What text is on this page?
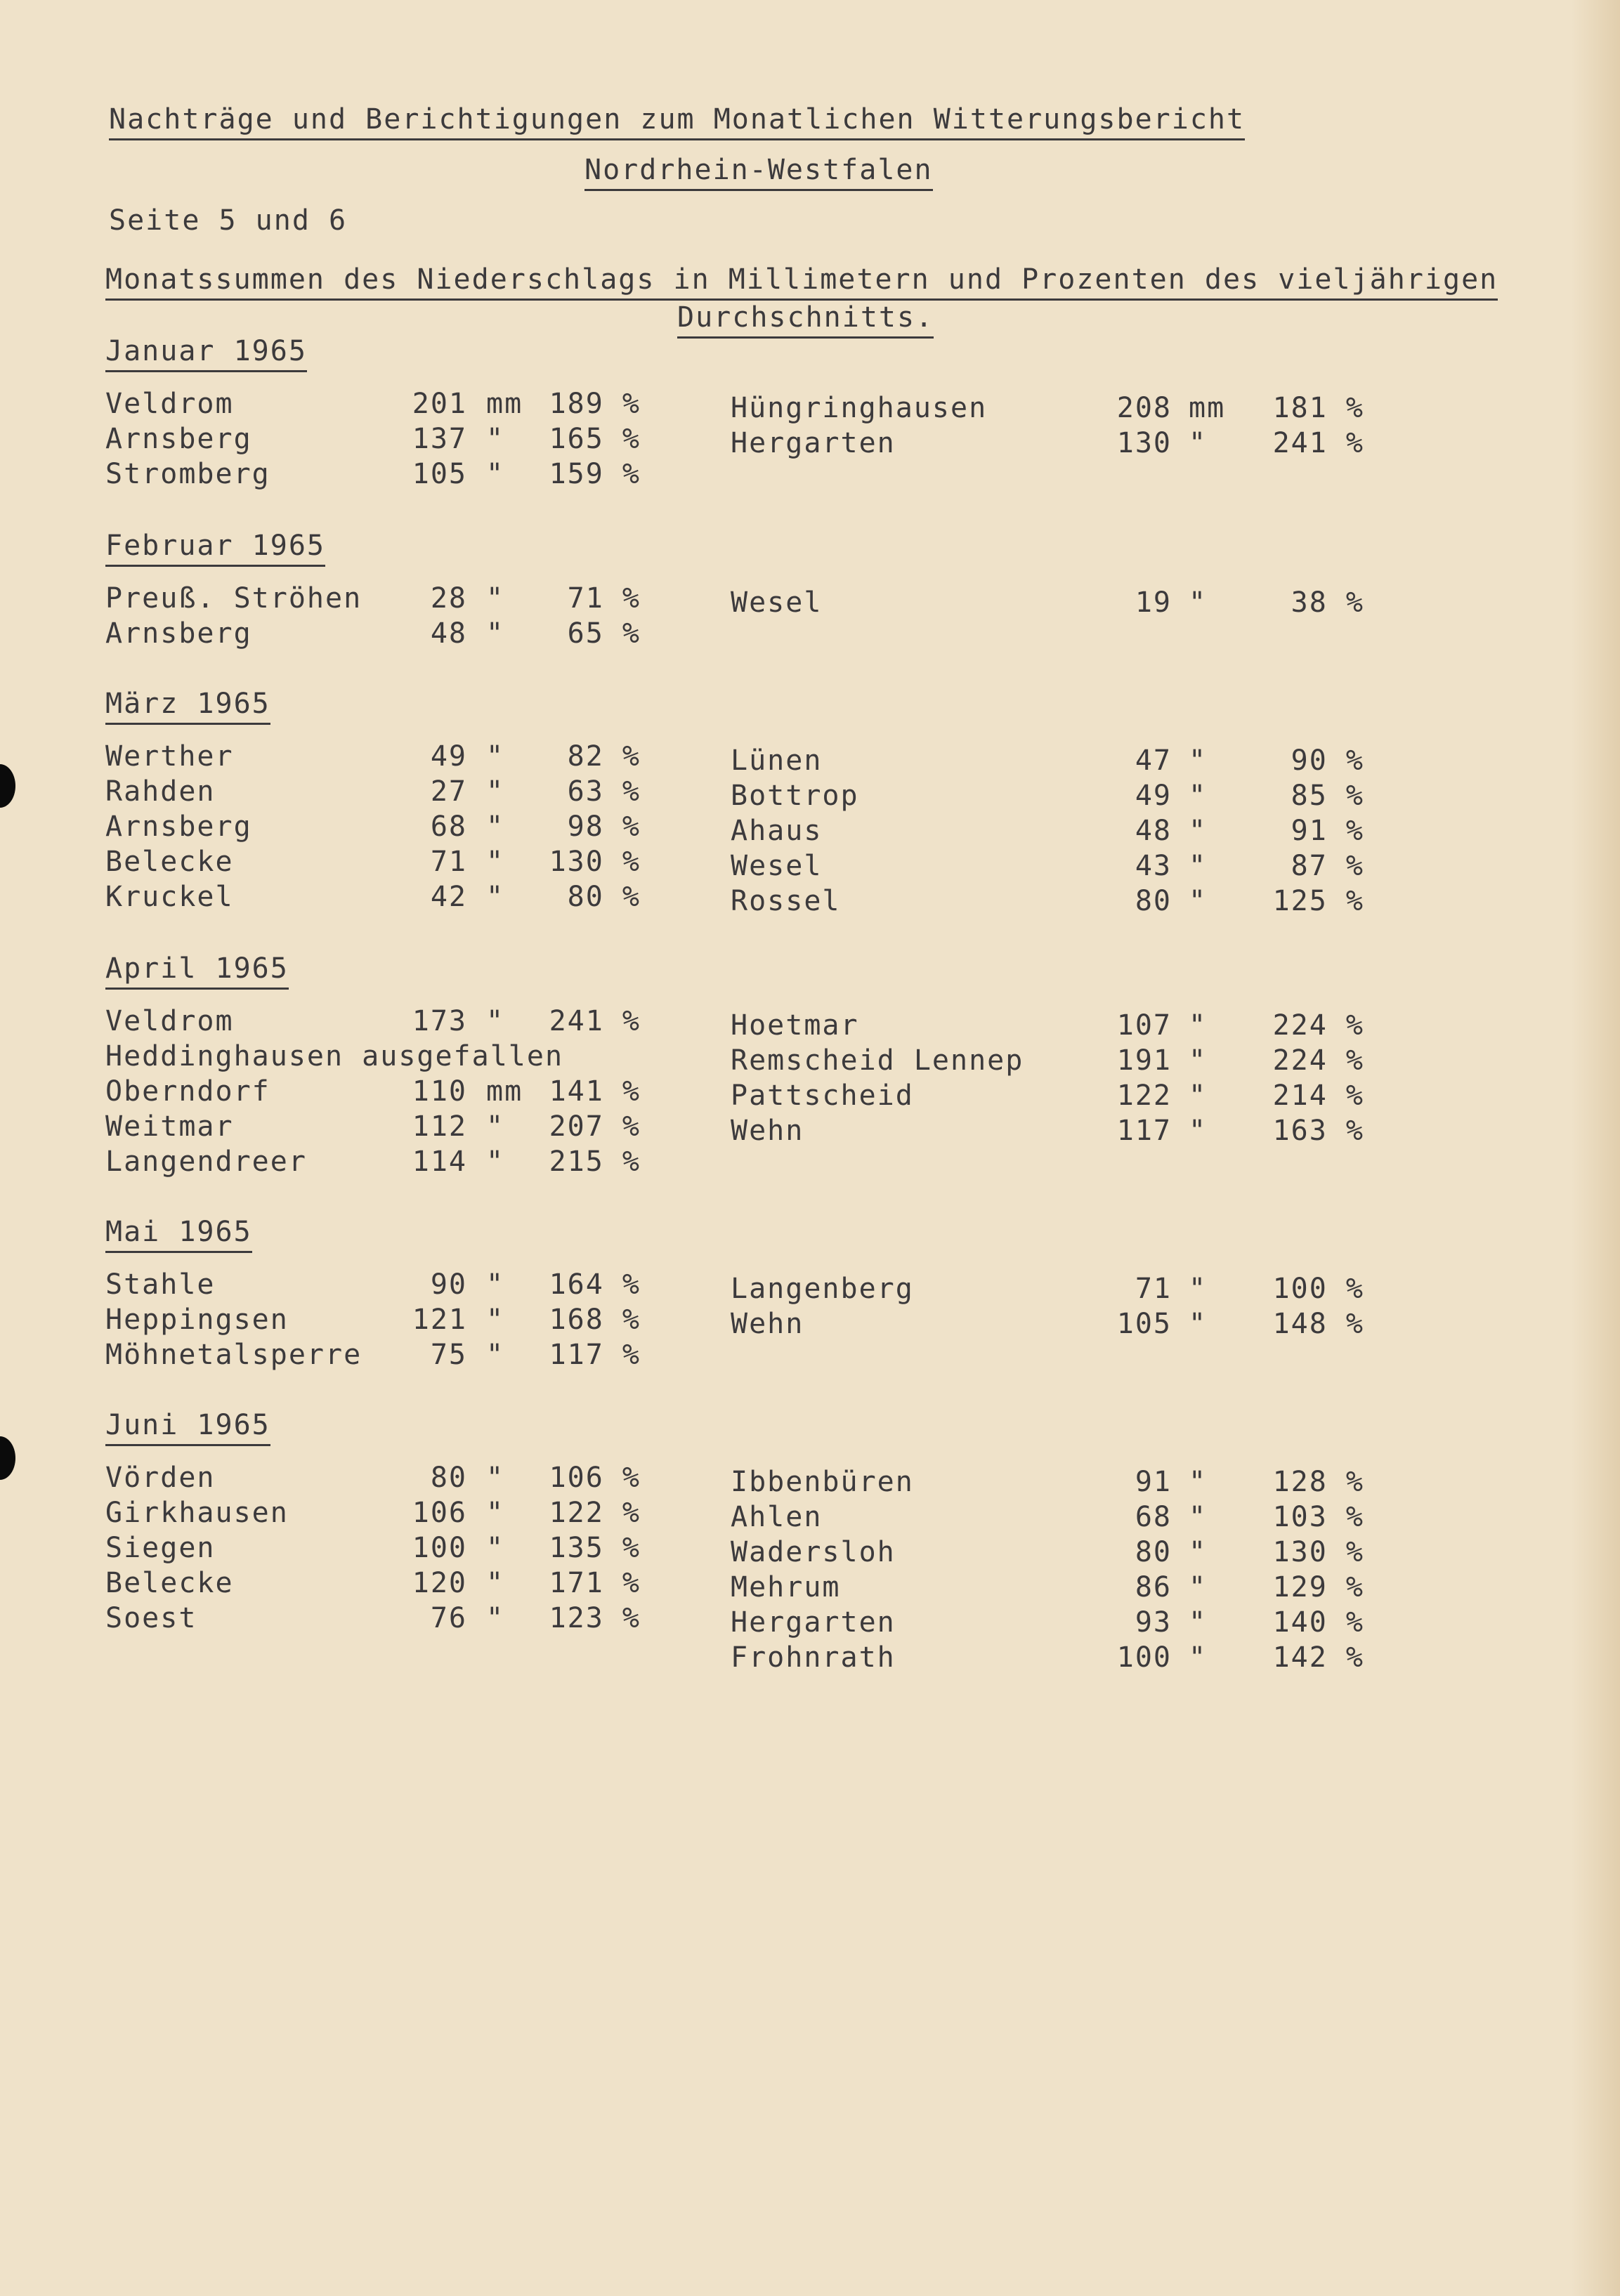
Nachträge und Berichtigungen zum Monatlichen Witterungsbericht
Nordrhein-Westfalen
Seite 5 und 6
Monatssummen des Niederschlags in Millimetern und Prozenten des vieljährigen
Durchschnitts.
Januar 1965
Veldrom	201 mm 189 %
Arnsberg	137 "	165 %
Stromberg	105 "	159 %
Hüngringhausen	208 mm	181 %
Hergarten	130 "	241 %
Februar 1965
Preuß. Ströhen	28 "	71 %
Arnsberg	48 "	65 %
Wesel	19 "	38 %
März 1965
Werther	49 "	82 %
Rahden	27 "	63 %
Arnsberg	68 "	98 %
Belecke	71 "	130 %
Kruckel	42 "	80 %
Lünen	47 "	90 %
Bottrop	49 "	85 %
Ahaus	48 "	91 %
Wesel	43 "	87 %
Rossel	80 "	125 %
April 1965
Veldrom	173 "	241 %
Heddinghausen ausgefallen
Oberndorf	110 mm 141 %
Weitmar	112 "	207 %
Langendreer	114 "	215 %
Hoetmar	107 "	224 %
Remscheid Lennep	191 "	224 %
Pattscheid	122 "	214 %
Wehn	117 "	163 %
Mai 1965
Stahle	90 "	164 %
Heppingsen	121 "	168 %
Möhnetalsperre	75 "	117 %
Langenberg	71 "	100 %
Wehn	105 "	148 %
Juni 1965
Vörden	80 "	106 %
Girkhausen	106 "	122 %
Siegen	100 "	135 %
Belecke	120 "	171 %
Soest	76 "	123 %
Ibbenbüren	91 "	128 %
Ahlen	68 "	103 %
Wadersloh	80 "	130 %
Mehrum	86 "	129 %
Hergarten	93 "	140 %
Frohnrath	100 "	142 %
